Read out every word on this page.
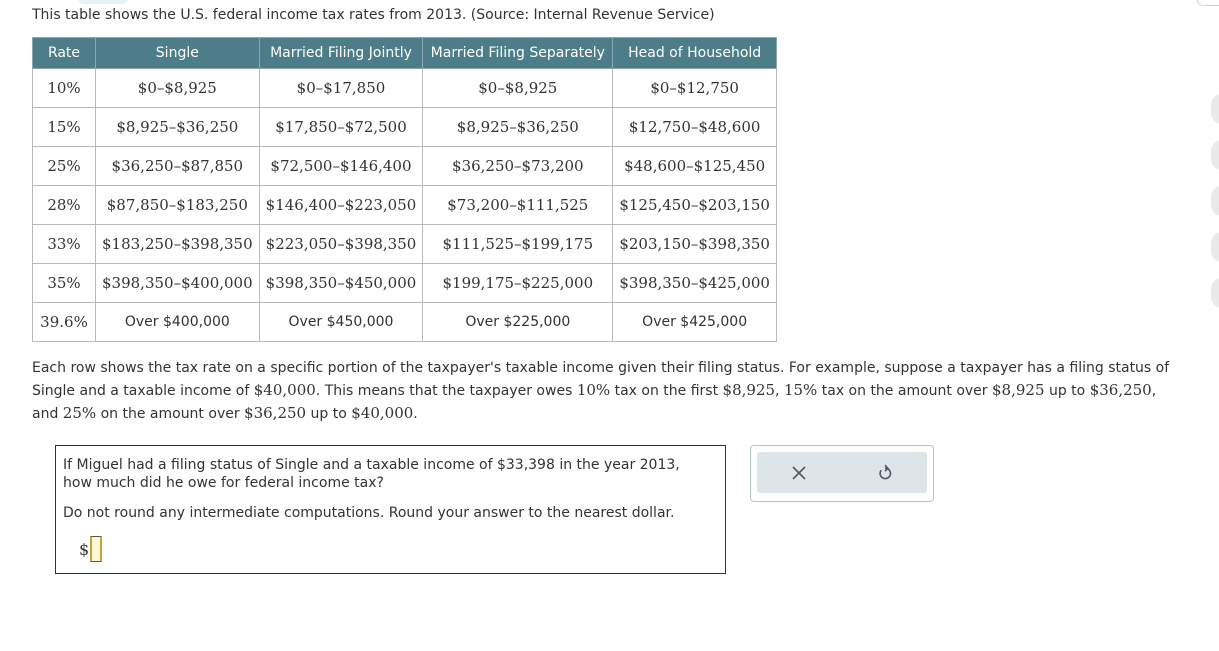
This table shows the U.S. federal income tax rates from 2013. (Source: Internal Revenue Service)

Rate	Single	Married Filing Jointly	Married Filing Separately	Head of Household
10%	$0–$8,925	$0–$17,850	$0–$8,925	$0–$12,750
15%	$8,925–$36,250	$17,850–$72,500	$8,925–$36,250	$12,750–$48,600
25%	$36,250–$87,850	$72,500–$146,400	$36,250–$73,200	$48,600–$125,450
28%	$87,850–$183,250	$146,400–$223,050	$73,200–$111,525	$125,450–$203,150
33%	$183,250–$398,350	$223,050–$398,350	$111,525–$199,175	$203,150–$398,350
35%	$398,350–$400,000	$398,350–$450,000	$199,175–$225,000	$398,350–$425,000
39.6%	Over $400,000	Over $450,000	Over $225,000	Over $425,000

Each row shows the tax rate on a specific portion of the taxpayer's taxable income given their filing status. For example, suppose a taxpayer has a filing status of Single and a taxable income of $40,000. This means that the taxpayer owes 10% tax on the first $8,925, 15% tax on the amount over $8,925 up to $36,250, and 25% on the amount over $36,250 up to $40,000.

If Miguel had a filing status of Single and a taxable income of $33,398 in the year 2013, how much did he owe for federal income tax?

Do not round any intermediate computations. Round your answer to the nearest dollar.

$
